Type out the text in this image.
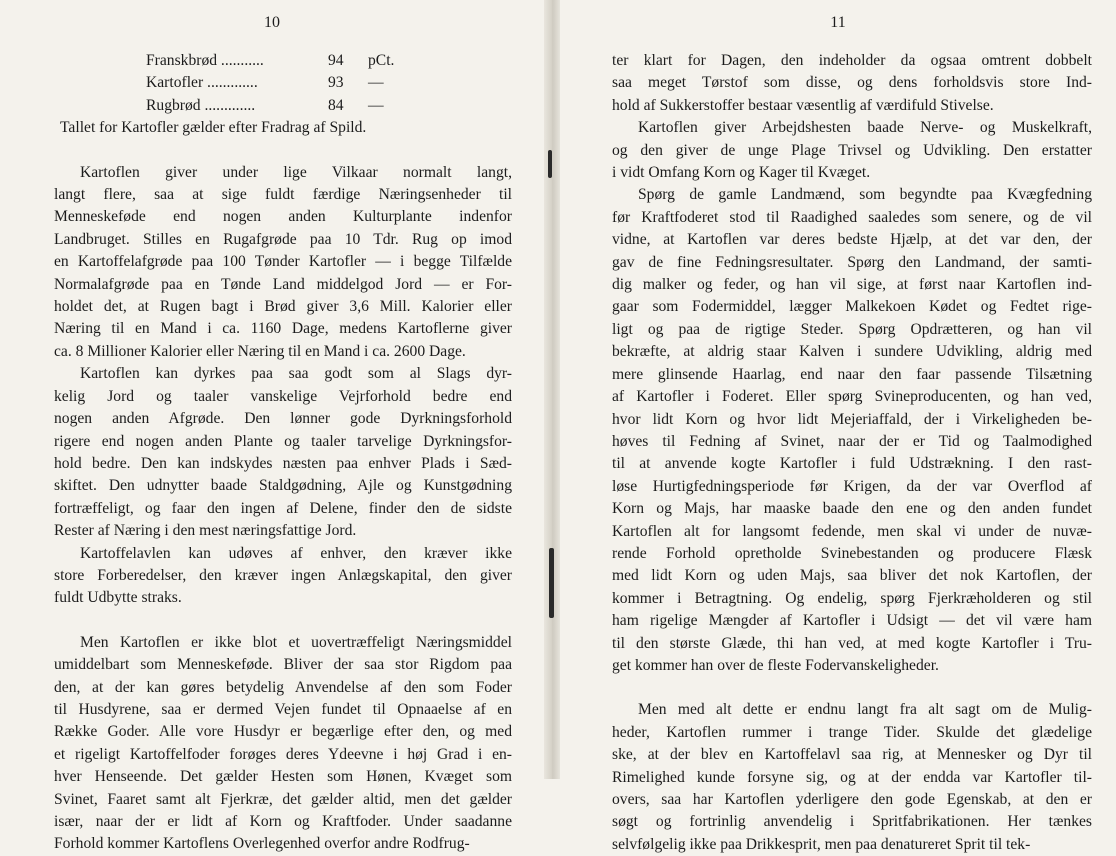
10
Franskbrød ...........	94	pCt.
Kartofler .............	93	—
Rugbrød .............	84	—
Tallet for Kartofler gælder efter Fradrag af Spild.
Kartoflen giver under lige Vilkaar normalt langt,
langt flere, saa at sige fuldt færdige Næringsenheder til
Menneskeføde end nogen anden Kulturplante indenfor
Landbruget. Stilles en Rugafgrøde paa 10 Tdr. Rug op imod
en Kartoffelafgrøde paa 100 Tønder Kartofler — i begge Tilfælde
Normalafgrøde paa en Tønde Land middelgod Jord — er For-
holdet det, at Rugen bagt i Brød giver 3,6 Mill. Kalorier eller
Næring til en Mand i ca. 1160 Dage, medens Kartoflerne giver
ca. 8 Millioner Kalorier eller Næring til en Mand i ca. 2600 Dage.
Kartoflen kan dyrkes paa saa godt som al Slags dyr-
kelig Jord og taaler vanskelige Vejrforhold bedre end
nogen anden Afgrøde. Den lønner gode Dyrkningsforhold
rigere end nogen anden Plante og taaler tarvelige Dyrkningsfor-
hold bedre. Den kan indskydes næsten paa enhver Plads i Sæd-
skiftet. Den udnytter baade Staldgødning, Ajle og Kunstgødning
fortræffeligt, og faar den ingen af Delene, finder den de sidste
Rester af Næring i den mest næringsfattige Jord.
Kartoffelavlen kan udøves af enhver, den kræver ikke
store Forberedelser, den kræver ingen Anlægskapital, den giver
fuldt Udbytte straks.
Men Kartoflen er ikke blot et uovertræffeligt Næringsmiddel
umiddelbart som Menneskeføde. Bliver der saa stor Rigdom paa
den, at der kan gøres betydelig Anvendelse af den som Foder
til Husdyrene, saa er dermed Vejen fundet til Opnaaelse af en
Række Goder. Alle vore Husdyr er begærlige efter den, og med
et rigeligt Kartoffelfoder forøges deres Ydeevne i høj Grad i en-
hver Henseende. Det gælder Hesten som Hønen, Kvæget som
Svinet, Faaret samt alt Fjerkræ, det gælder altid, men det gælder
især, naar der er lidt af Korn og Kraftfoder. Under saadanne
Forhold kommer Kartoflens Overlegenhed overfor andre Rodfrug-
11
ter klart for Dagen, den indeholder da ogsaa omtrent dobbelt
saa meget Tørstof som disse, og dens forholdsvis store Ind-
hold af Sukkerstoffer bestaar væsentlig af værdifuld Stivelse.
Kartoflen giver Arbejdshesten baade Nerve- og Muskelkraft,
og den giver de unge Plage Trivsel og Udvikling. Den erstatter
i vidt Omfang Korn og Kager til Kvæget.
Spørg de gamle Landmænd, som begyndte paa Kvægfedning
før Kraftfoderet stod til Raadighed saaledes som senere, og de vil
vidne, at Kartoflen var deres bedste Hjælp, at det var den, der
gav de fine Fedningsresultater. Spørg den Landmand, der samti-
dig malker og feder, og han vil sige, at først naar Kartoflen ind-
gaar som Fodermiddel, lægger Malkekoen Kødet og Fedtet rige-
ligt og paa de rigtige Steder. Spørg Opdrætteren, og han vil
bekræfte, at aldrig staar Kalven i sundere Udvikling, aldrig med
mere glinsende Haarlag, end naar den faar passende Tilsætning
af Kartofler i Foderet. Eller spørg Svineproducenten, og han ved,
hvor lidt Korn og hvor lidt Mejeriaffald, der i Virkeligheden be-
høves til Fedning af Svinet, naar der er Tid og Taalmodighed
til at anvende kogte Kartofler i fuld Udstrækning. I den rast-
løse Hurtigfedningsperiode før Krigen, da der var Overflod af
Korn og Majs, har maaske baade den ene og den anden fundet
Kartoflen alt for langsomt fedende, men skal vi under de nuvæ-
rende Forhold opretholde Svinebestanden og producere Flæsk
med lidt Korn og uden Majs, saa bliver det nok Kartoflen, der
kommer i Betragtning. Og endelig, spørg Fjerkræholderen og stil
ham rigelige Mængder af Kartofler i Udsigt — det vil være ham
til den største Glæde, thi han ved, at med kogte Kartofler i Tru-
get kommer han over de fleste Fodervanskeligheder.
Men med alt dette er endnu langt fra alt sagt om de Mulig-
heder, Kartoflen rummer i trange Tider. Skulde det glædelige
ske, at der blev en Kartoffelavl saa rig, at Mennesker og Dyr til
Rimelighed kunde forsyne sig, og at der endda var Kartofler til-
overs, saa har Kartoflen yderligere den gode Egenskab, at den er
søgt og fortrinlig anvendelig i Spritfabrikationen. Her tænkes
selvfølgelig ikke paa Drikkesprit, men paa denatureret Sprit til tek-
